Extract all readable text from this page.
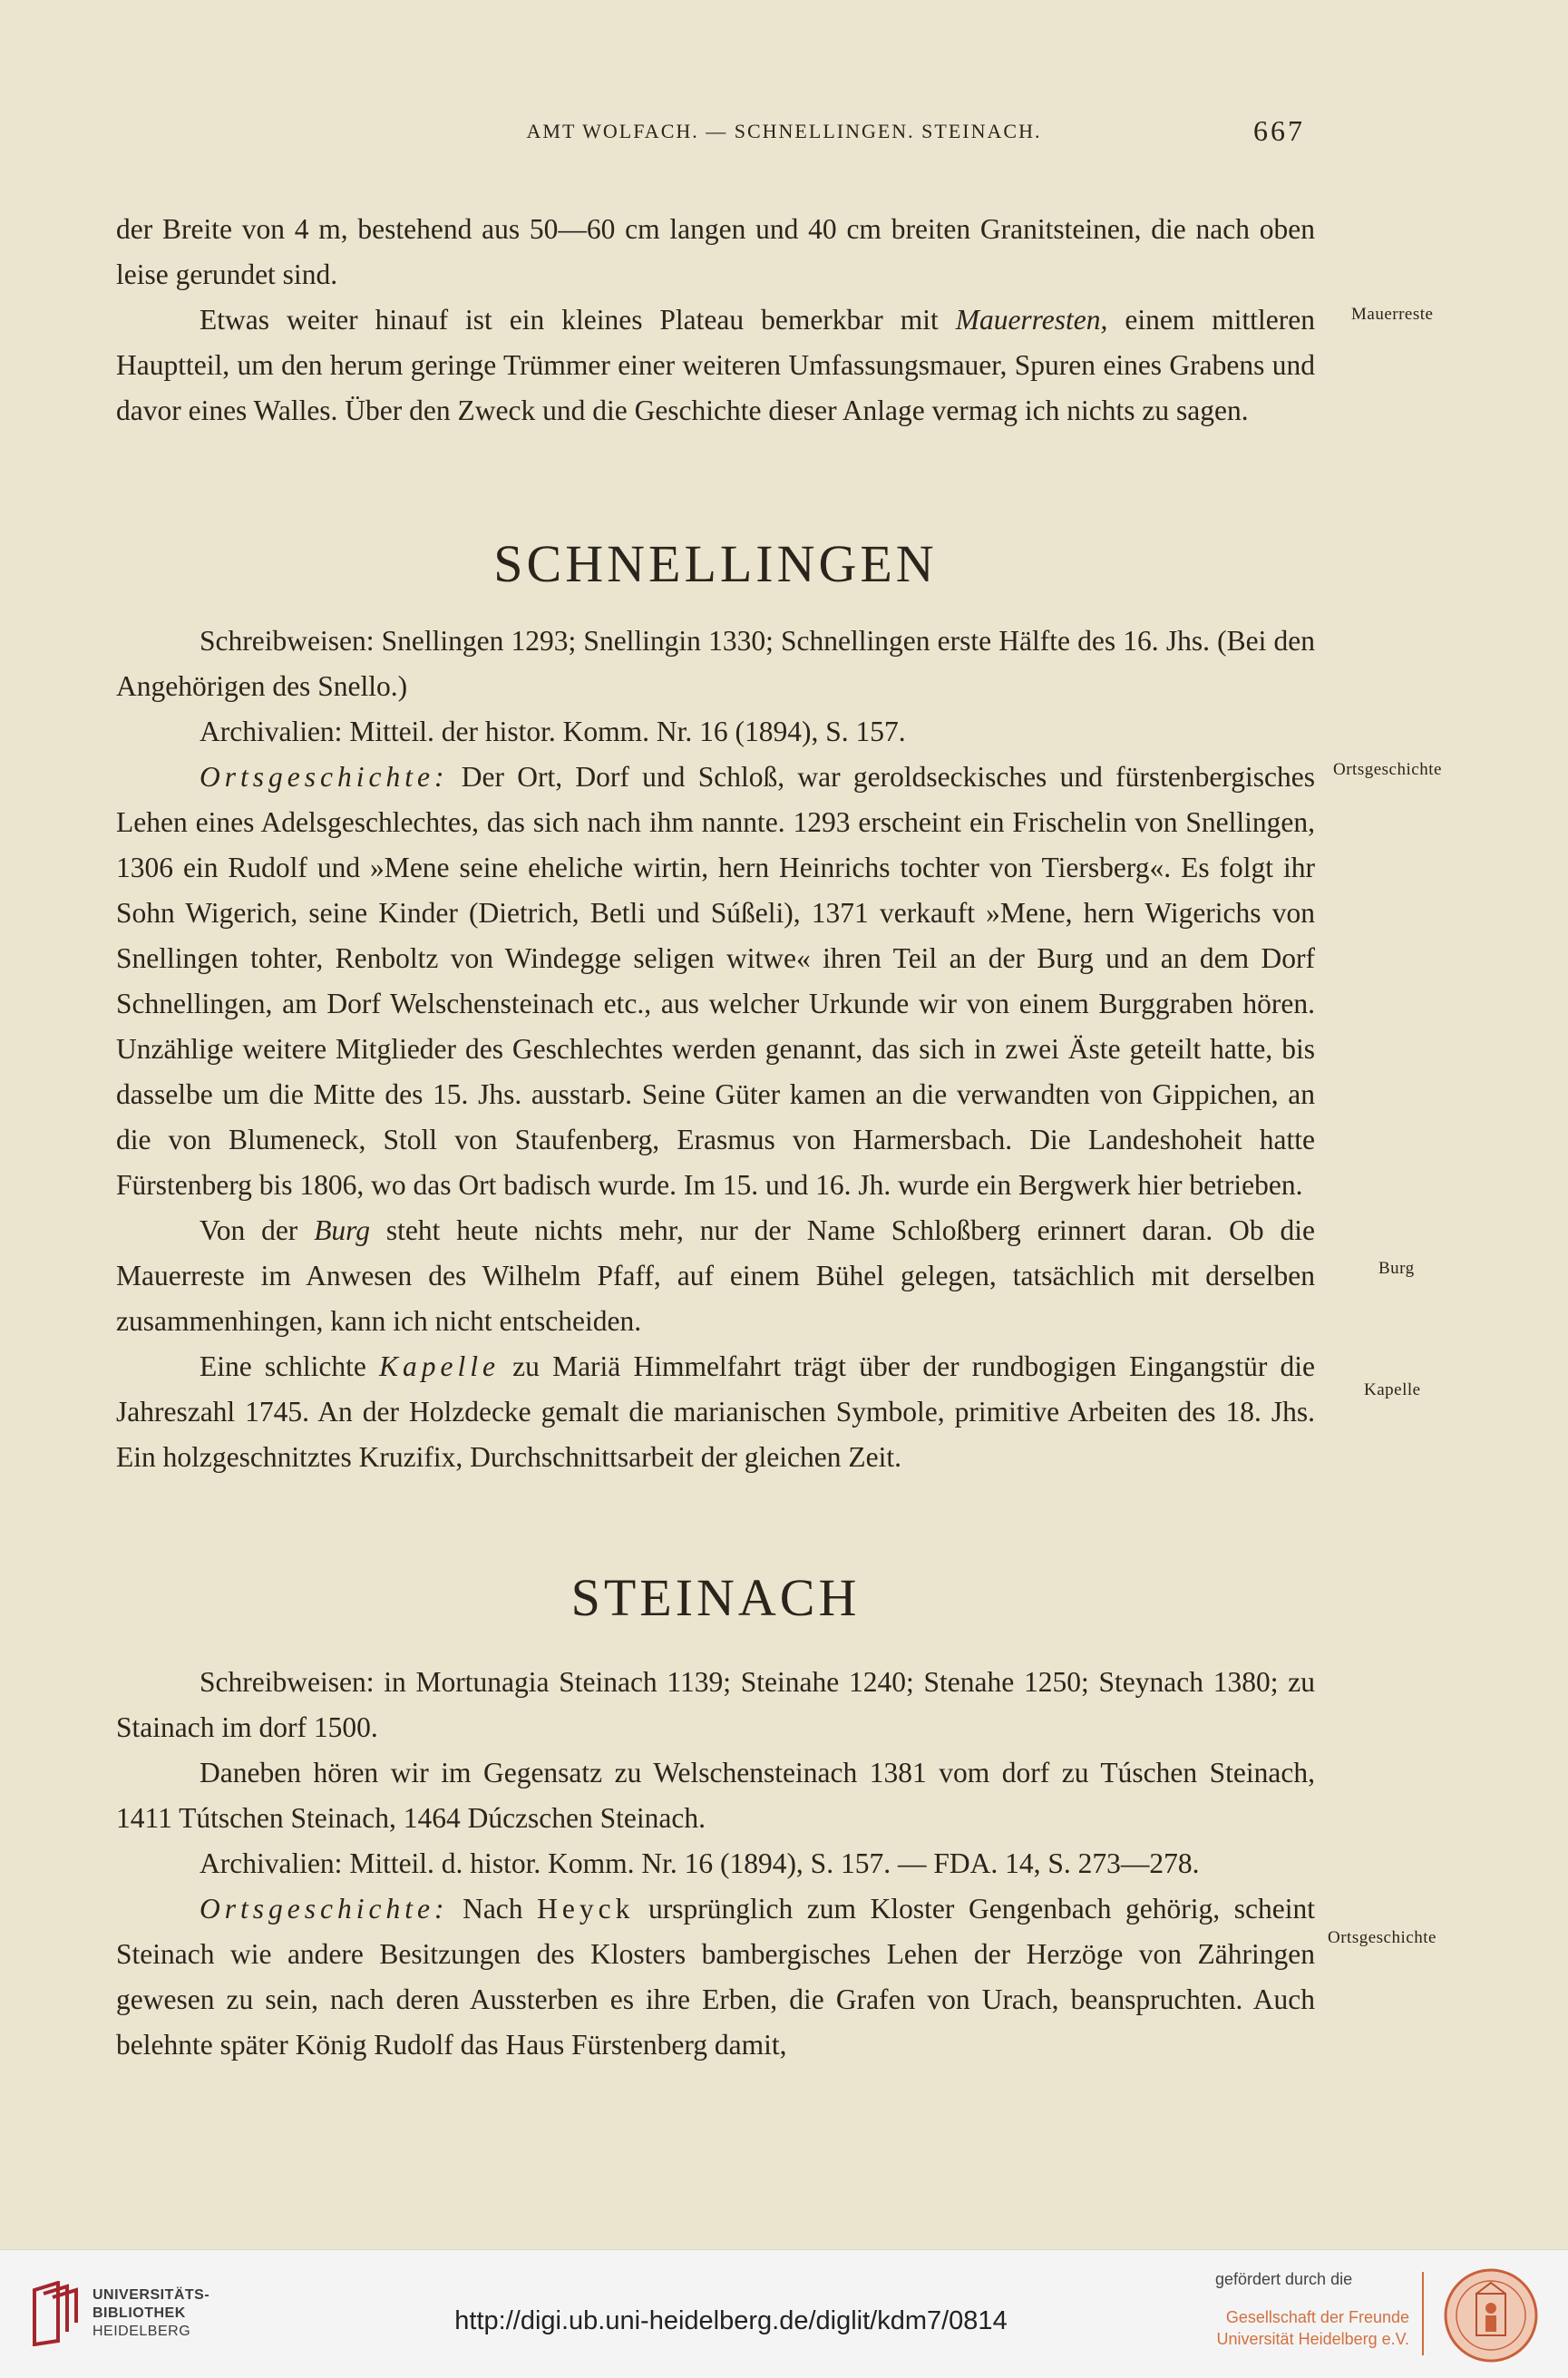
AMT WOLFACH. — SCHNELLINGEN. STEINACH.	667

der Breite von 4 m, bestehend aus 50—60 cm langen und 40 cm breiten Granitsteinen, die nach oben leise gerundet sind.

Etwas weiter hinauf ist ein kleines Plateau bemerkbar mit Mauerresten, einem mittleren Hauptteil, um den herum geringe Trümmer einer weiteren Umfassungsmauer, Spuren eines Grabens und davor eines Walles. Über den Zweck und die Geschichte dieser Anlage vermag ich nichts zu sagen.

SCHNELLINGEN

Schreibweisen: Snellingen 1293; Snellingin 1330; Schnellingen erste Hälfte des 16. Jhs. (Bei den Angehörigen des Snello.)

Archivalien: Mitteil. der histor. Komm. Nr. 16 (1894), S. 157.

Ortsgeschichte: Der Ort, Dorf und Schloß, war geroldseckisches und fürstenbergisches Lehen eines Adelsgeschlechtes, das sich nach ihm nannte. 1293 erscheint ein Frischelin von Snellingen, 1306 ein Rudolf und »Mene seine eheliche wirtin, hern Heinrichs tochter von Tiersberg«. Es folgt ihr Sohn Wigerich, seine Kinder (Dietrich, Betli und Súßeli), 1371 verkauft »Mene, hern Wigerichs von Snellingen tohter, Renboltz von Windegge seligen witwe« ihren Teil an der Burg und an dem Dorf Schnellingen, am Dorf Welschensteinach etc., aus welcher Urkunde wir von einem Burggraben hören. Unzählige weitere Mitglieder des Geschlechtes werden genannt, das sich in zwei Äste geteilt hatte, bis dasselbe um die Mitte des 15. Jhs. ausstarb. Seine Güter kamen an die verwandten von Gippichen, an die von Blumeneck, Stoll von Staufenberg, Erasmus von Harmersbach. Die Landeshoheit hatte Fürstenberg bis 1806, wo das Ort badisch wurde. Im 15. und 16. Jh. wurde ein Bergwerk hier betrieben.

Von der Burg steht heute nichts mehr, nur der Name Schloßberg erinnert daran. Ob die Mauerreste im Anwesen des Wilhelm Pfaff, auf einem Bühel gelegen, tatsächlich mit derselben zusammenhingen, kann ich nicht entscheiden.

Eine schlichte Kapelle zu Mariä Himmelfahrt trägt über der rundbogigen Eingangstür die Jahreszahl 1745. An der Holzdecke gemalt die marianischen Symbole, primitive Arbeiten des 18. Jhs. Ein holzgeschnitztes Kruzifix, Durchschnittsarbeit der gleichen Zeit.

STEINACH

Schreibweisen: in Mortunagia Steinach 1139; Steinahe 1240; Stenahe 1250; Steynach 1380; zu Stainach im dorf 1500.

Daneben hören wir im Gegensatz zu Welschensteinach 1381 vom dorf zu Túschen Steinach, 1411 Tútschen Steinach, 1464 Dúczschen Steinach.

Archivalien: Mitteil. d. histor. Komm. Nr. 16 (1894), S. 157. — FDA. 14, S. 273—278.

Ortsgeschichte: Nach Heyck ursprünglich zum Kloster Gengenbach gehörig, scheint Steinach wie andere Besitzungen des Klosters bambergisches Lehen der Herzöge von Zähringen gewesen zu sein, nach deren Aussterben es ihre Erben, die Grafen von Urach, beanspruchten. Auch belehnte später König Rudolf das Haus Fürstenberg damit,

Mauerreste
Ortsgeschichte
Burg
Kapelle
Ortsgeschichte
UNIVERSITÄTS-
BIBLIOTHEK
HEIDELBERG	http://digi.ub.uni-heidelberg.de/diglit/kdm7/0814
gefördert durch die
Gesellschaft der Freunde
Universität Heidelberg e.V.
